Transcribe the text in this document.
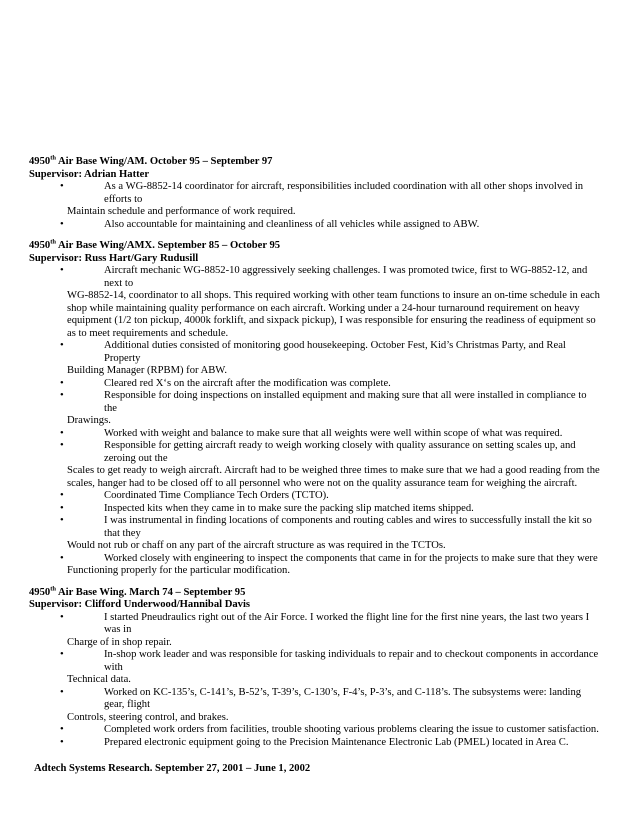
4950th Air Base Wing/AM. October 95 – September 97
Supervisor: Adrian Hatter
•	As a WG-8852-14 coordinator for aircraft, responsibilities included coordination with all other shops involved in efforts to
Maintain schedule and performance of work required.
•	Also accountable for maintaining and cleanliness of all vehicles while assigned to ABW.
4950th Air Base Wing/AMX. September 85 – October 95
Supervisor: Russ Hart/Gary Rudusill
•	Aircraft mechanic WG-8852-10 aggressively seeking challenges. I was promoted twice, first to WG-8852-12, and next to
WG-8852-14, coordinator to all shops. This required working with other team functions to insure an on-time schedule in each shop while maintaining quality performance on each aircraft. Working under a 24-hour turnaround requirement on heavy equipment (1/2 ton pickup, 4000k forklift, and sixpack pickup), I was responsible for ensuring the readiness of equipment so as to meet requirements and schedule.
•	Additional duties consisted of monitoring good housekeeping. October Fest, Kid’s Christmas Party, and Real Property
Building Manager (RPBM) for ABW.
•	Cleared red X‘s on the aircraft after the modification was complete.
•	Responsible for doing inspections on installed equipment and making sure that all were installed in compliance to the
Drawings.
•	Worked with weight and balance to make sure that all weights were well within scope of what was required.
•	Responsible for getting aircraft ready to weigh working closely with quality assurance on setting scales up, and zeroing out the
Scales to get ready to weigh aircraft. Aircraft had to be weighed three times to make sure that we had a good reading from the scales, hanger had to be closed off to all personnel who were not on the quality assurance team for weighing the aircraft.
•	Coordinated Time Compliance Tech Orders (TCTO).
•	Inspected kits when they came in to make sure the packing slip matched items shipped.
•	I was instrumental in finding locations of components and routing cables and wires to successfully install the kit so that they
Would not rub or chaff on any part of the aircraft structure as was required in the TCTOs.
•	Worked closely with engineering to inspect the components that came in for the projects to make sure that they were
Functioning properly for the particular modification.
4950th Air Base Wing. March 74 – September 95
Supervisor: Clifford Underwood/Hannibal Davis
•	I started Pneudraulics right out of the Air Force. I worked the flight line for the first nine years, the last two years I was in
Charge of in shop repair.
•	In-shop work leader and was responsible for tasking individuals to repair and to checkout components in accordance with
Technical data.
•	Worked on KC-135’s, C-141’s, B-52’s, T-39’s, C-130’s, F-4’s, P-3’s, and C-118’s. The subsystems were: landing gear, flight
Controls, steering control, and brakes.
•	Completed work orders from facilities, trouble shooting various problems clearing the issue to customer satisfaction.
•	Prepared electronic equipment going to the Precision Maintenance Electronic Lab (PMEL) located in Area C.
Adtech Systems Research. September 27, 2001 – June 1, 2002
